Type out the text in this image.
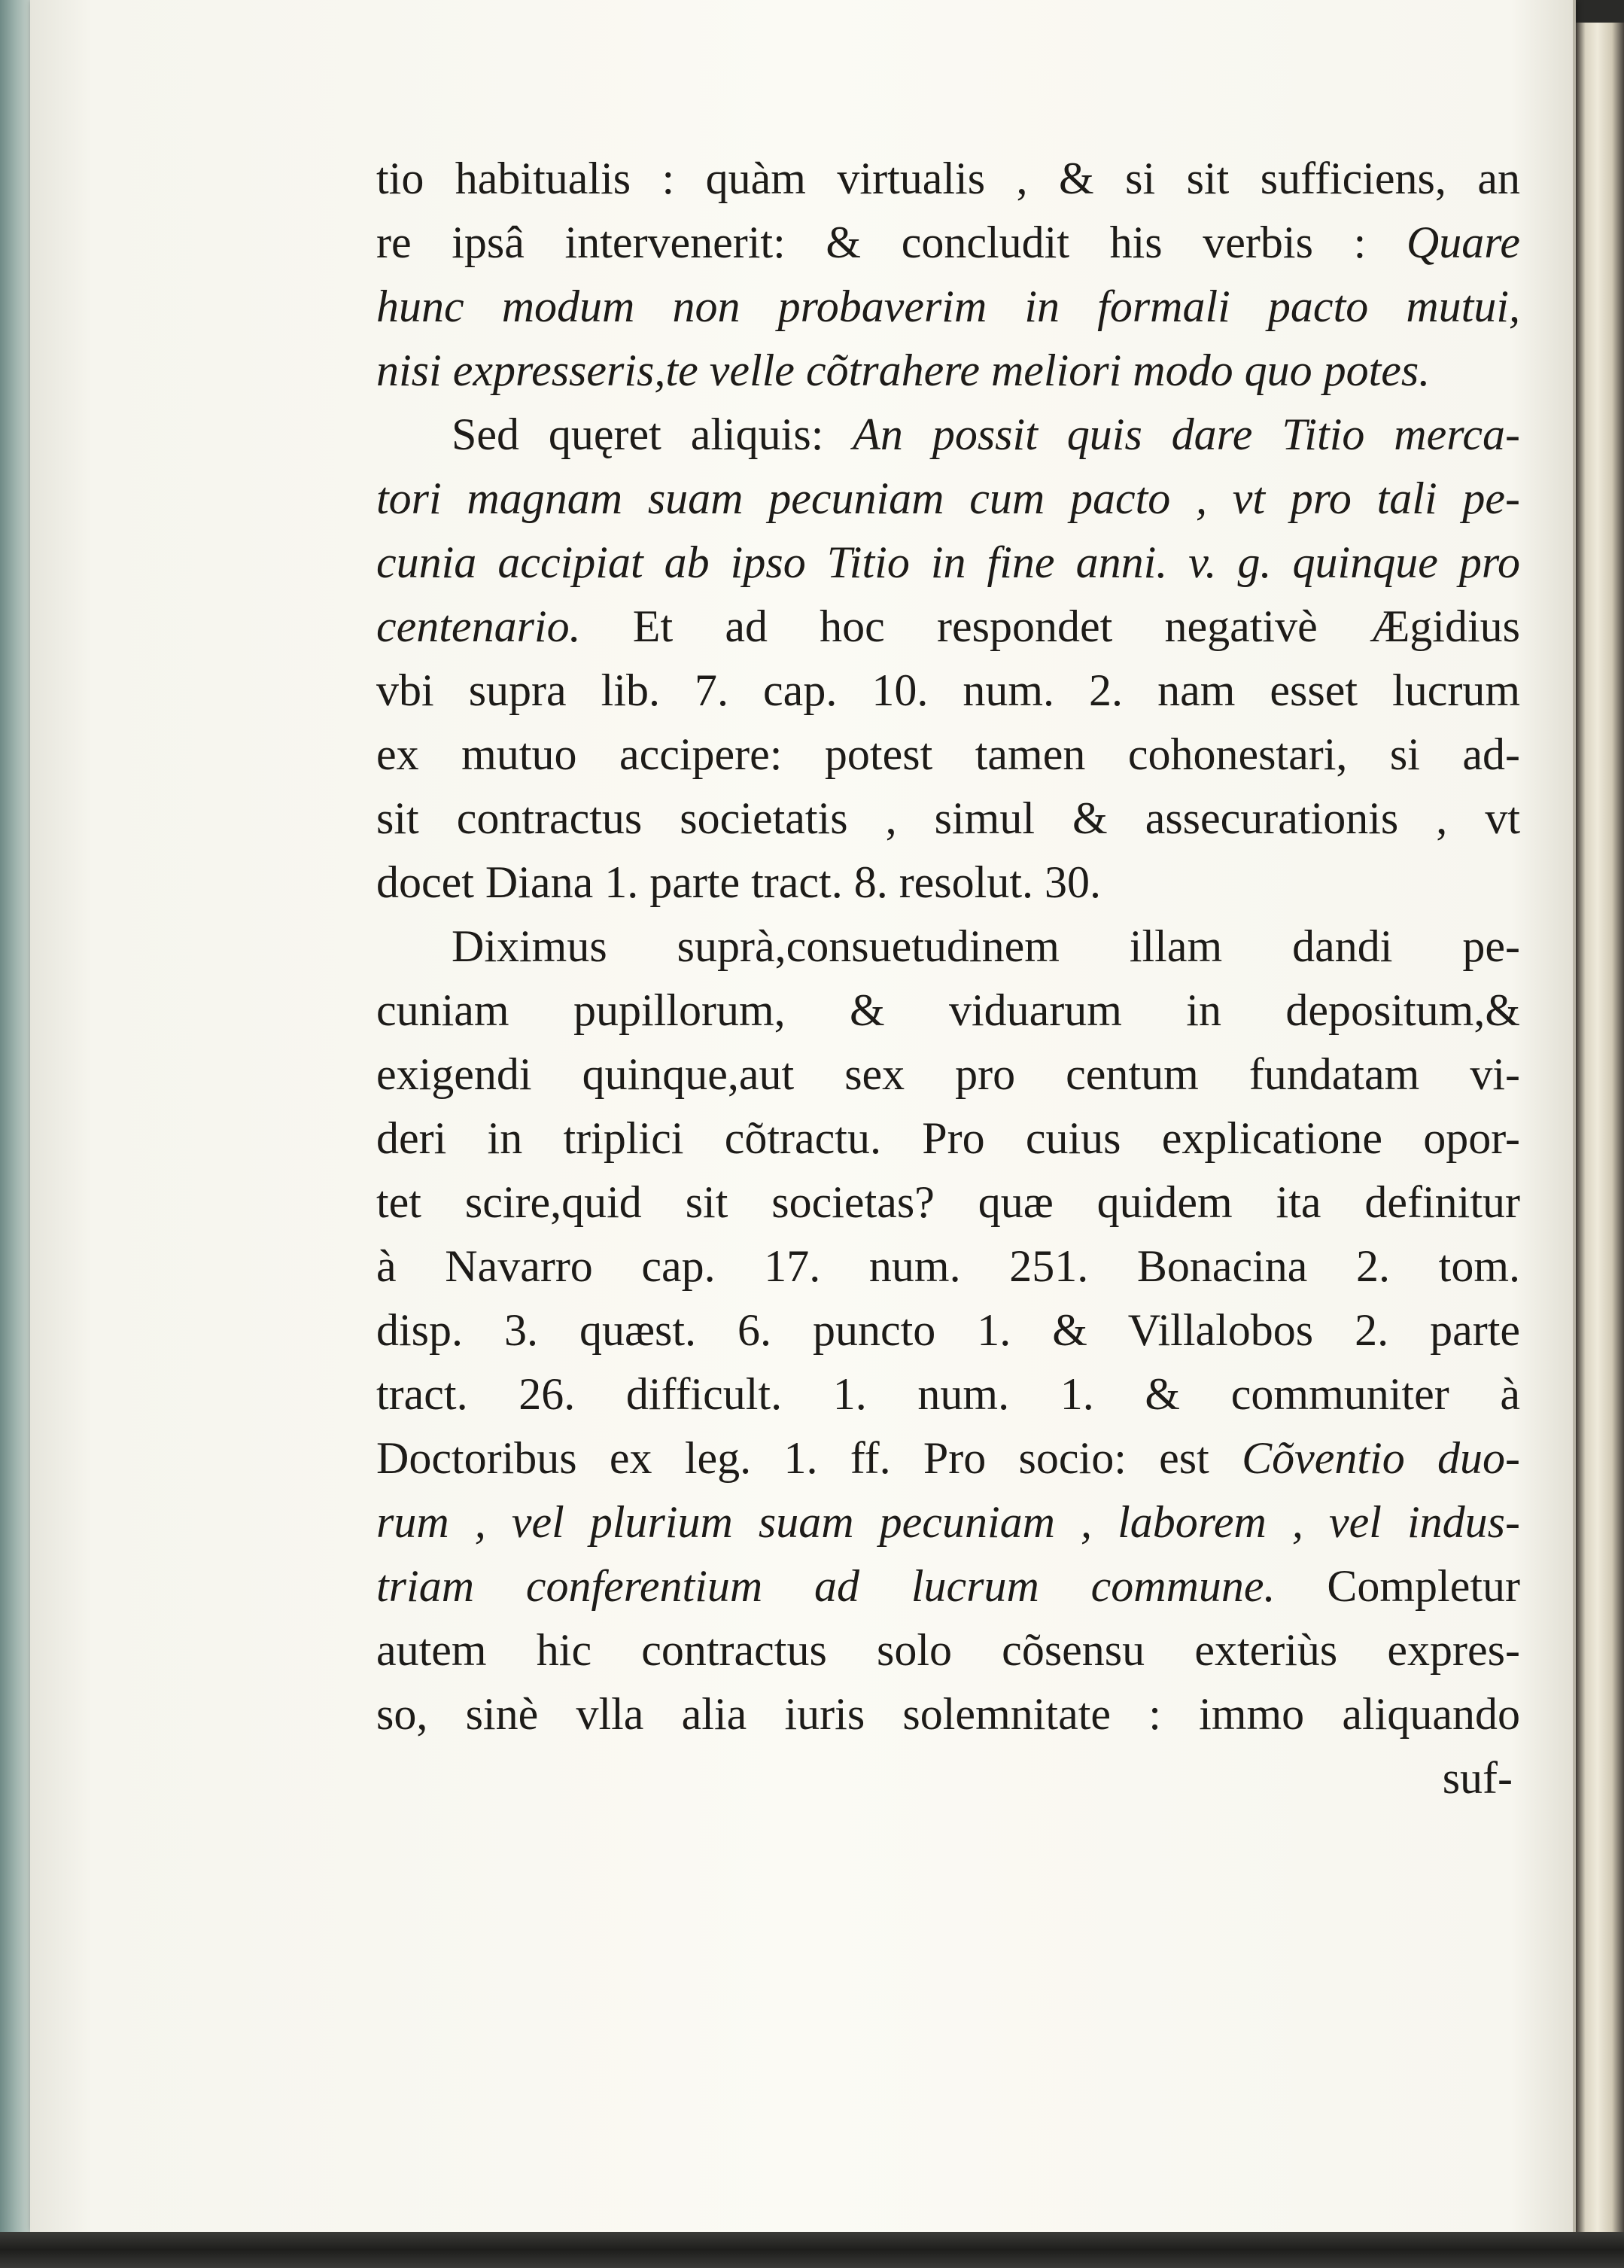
tio habitualis : quàm virtualis , & si sit sufficiens, an
re ipsâ intervenerit: & concludit his verbis : Quare
hunc modum non probaverim in formali pacto mutui,
nisi expresseris,te velle cõtrahere meliori modo quo potes.
Sed quęret aliquis: An possit quis dare Titio merca-
tori magnam suam pecuniam cum pacto , vt pro tali pe-
cunia accipiat ab ipso Titio in fine anni. v. g. quinque pro
centenario. Et ad hoc respondet negativè Ægidius
vbi supra lib. 7. cap. 10. num. 2. nam esset lucrum
ex mutuo accipere: potest tamen cohonestari, si ad-
sit contractus societatis , simul & assecurationis , vt
docet Diana 1. parte tract. 8. resolut. 30.
Diximus suprà,consuetudinem illam dandi pe-
cuniam pupillorum, & viduarum in depositum,&
exigendi quinque,aut sex pro centum fundatam vi-
deri in triplici cõtractu. Pro cuius explicatione opor-
tet scire,quid sit societas? quæ quidem ita definitur
à Navarro cap. 17. num. 251. Bonacina 2. tom.
disp. 3. quæst. 6. puncto 1. & Villalobos 2. parte
tract. 26. difficult. 1. num. 1. & communiter à
Doctoribus ex leg. 1. ff. Pro socio: est Cõventio duo-
rum , vel plurium suam pecuniam , laborem , vel indus-
triam conferentium ad lucrum commune. Completur
autem hic contractus solo cõsensu exteriùs expres-
so, sinè vlla alia iuris solemnitate : immo aliquando
suf-
